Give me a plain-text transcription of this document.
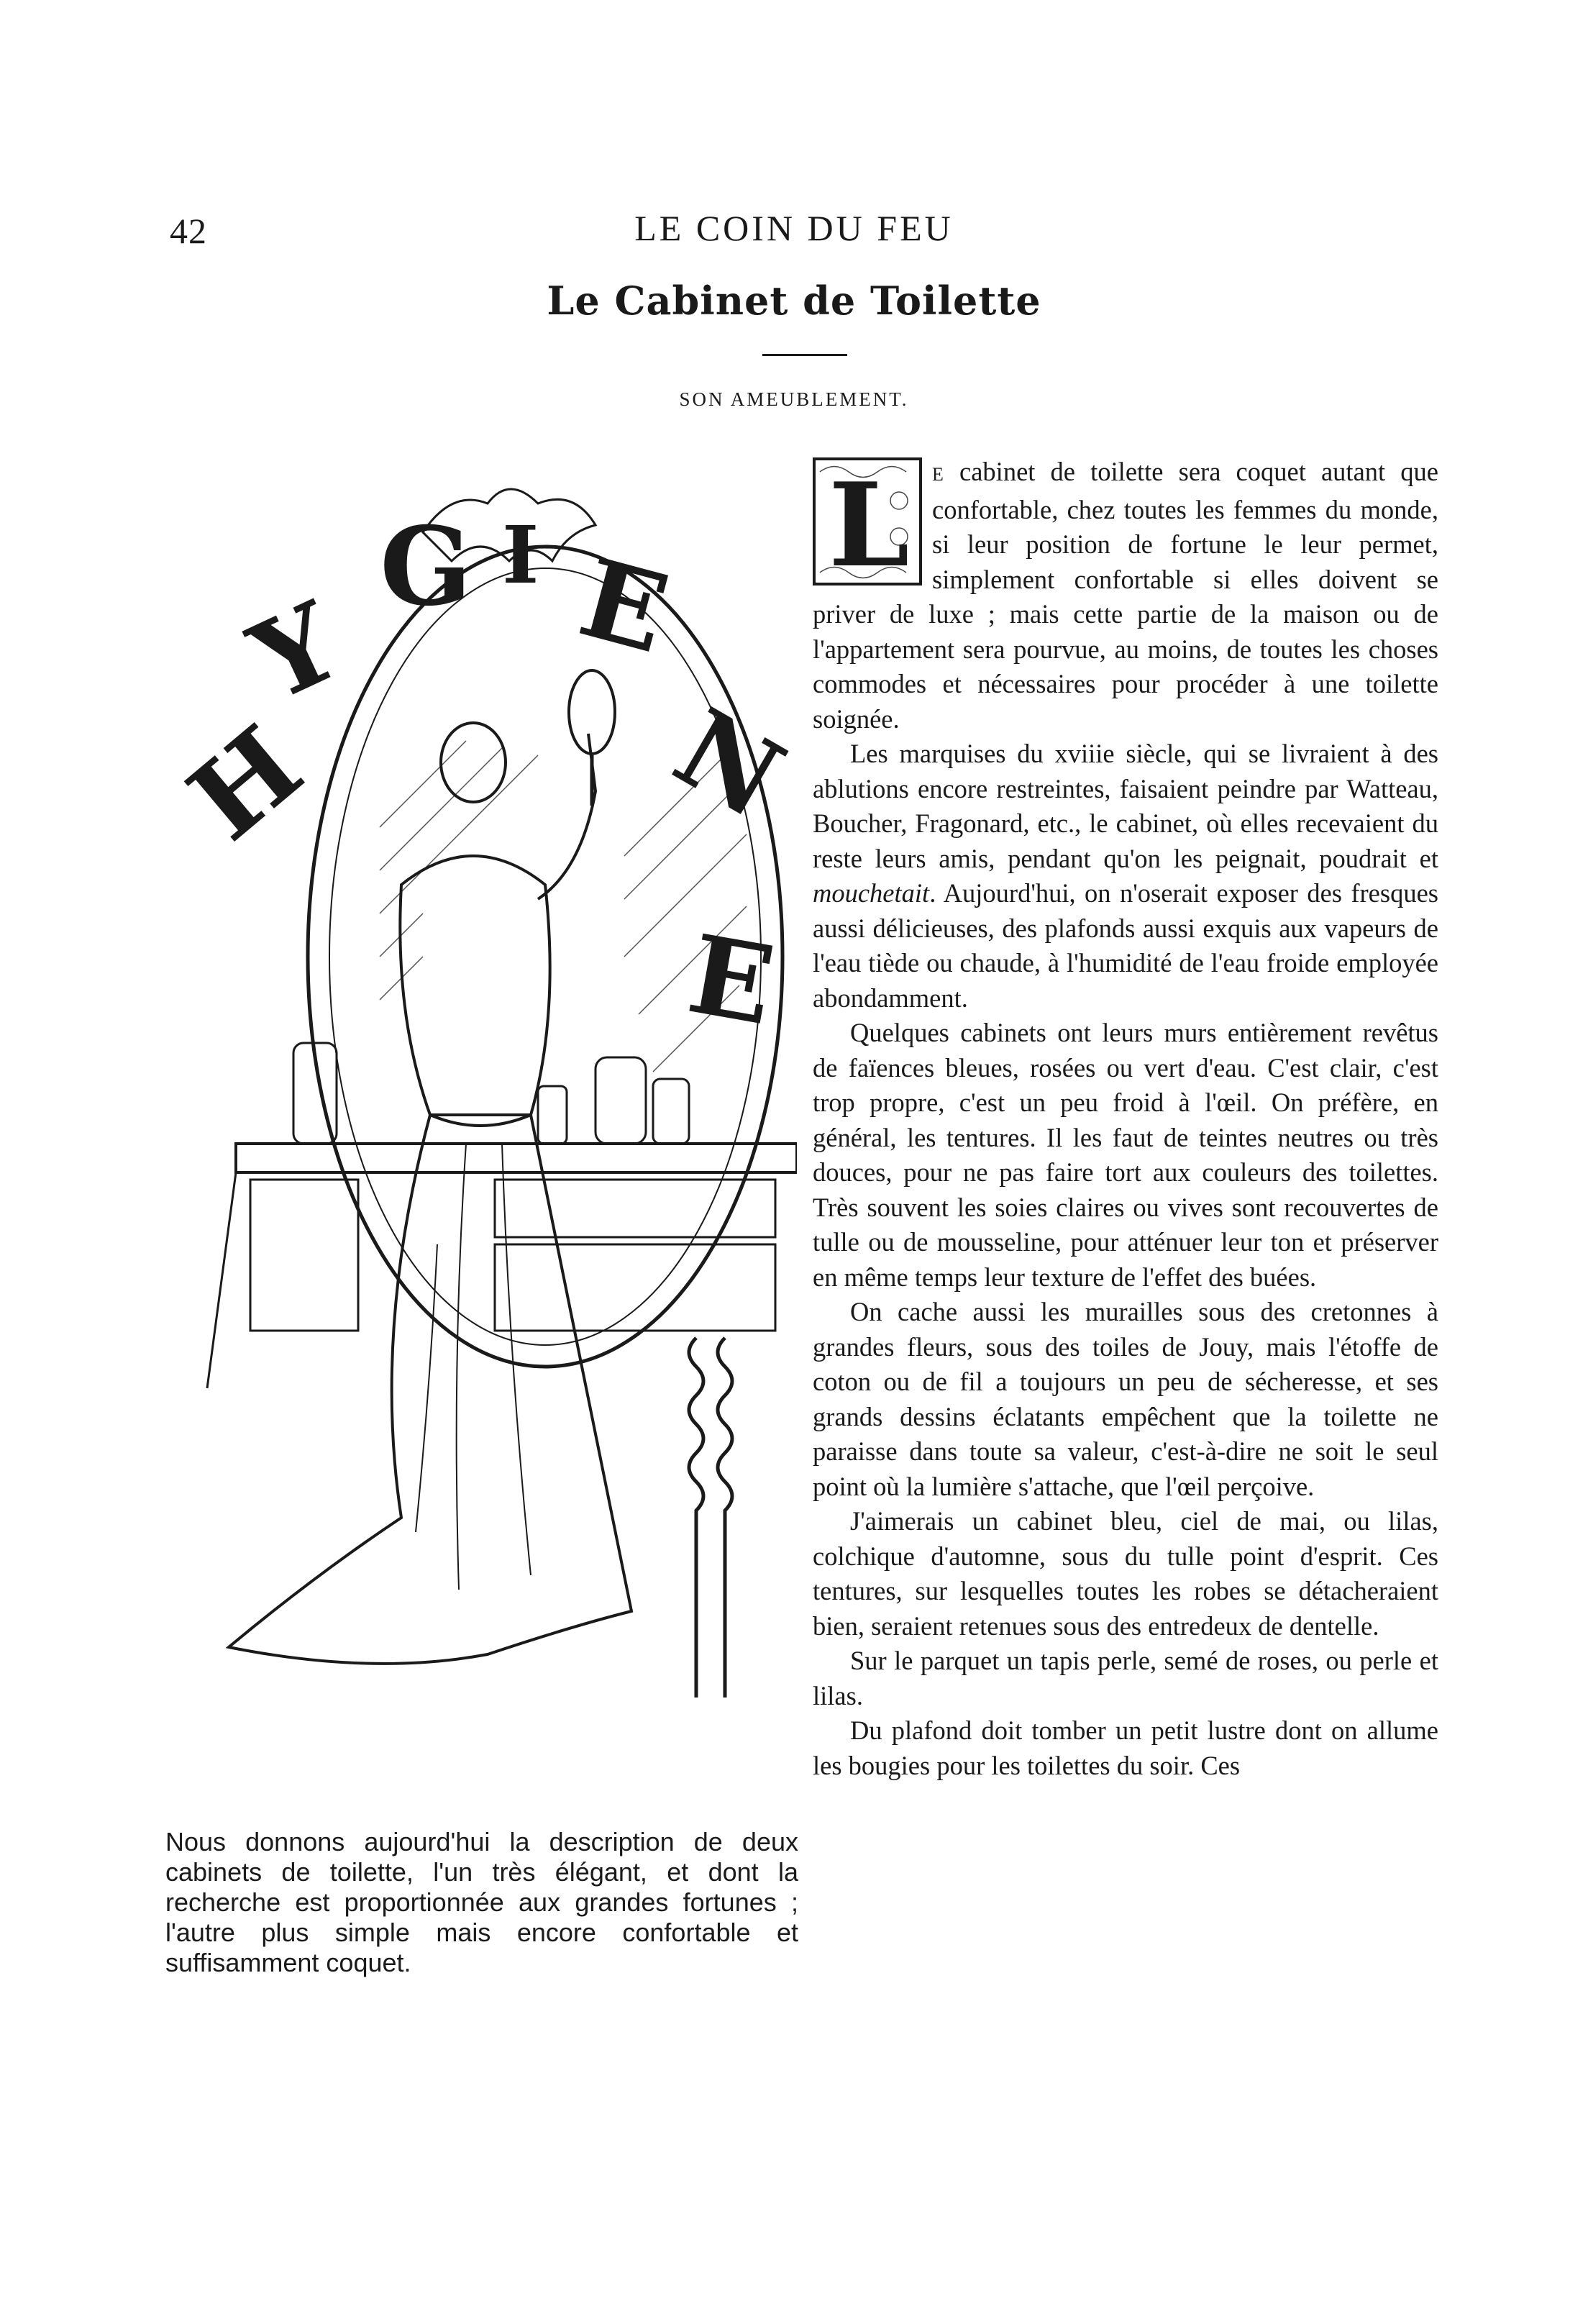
42	LE COIN DU FEU
Le Cabinet de Toilette
SON AMEUBLEMENT.
H
Y
G I E
N
E
Nous donnons aujourd'hui la description de deux cabinets de toilette, l'un très élégant, et dont la recherche est proportionnée aux grandes fortunes ; l'autre plus simple mais encore confortable et suffisamment coquet.

L E cabinet de toilette sera coquet autant que confortable, chez toutes les femmes du monde, si leur position de fortune le leur permet, simplement confortable si elles doivent se priver de luxe ; mais cette partie de la maison ou de l'appartement sera pourvue, au moins, de toutes les choses commodes et nécessaires pour procéder à une toilette soignée.

Les marquises du xviiie siècle, qui se livraient à des ablutions encore restreintes, faisaient peindre par Watteau, Boucher, Fragonard, etc., le cabinet, où elles recevaient du reste leurs amis, pendant qu'on les peignait, poudrait et mouchetait. Aujourd'hui, on n'oserait exposer des fresques aussi délicieuses, des plafonds aussi exquis aux vapeurs de l'eau tiède ou chaude, à l'humidité de l'eau froide employée abondamment.

Quelques cabinets ont leurs murs entièrement revêtus de faïences bleues, rosées ou vert d'eau. C'est clair, c'est trop propre, c'est un peu froid à l'œil. On préfère, en général, les tentures. Il les faut de teintes neutres ou très douces, pour ne pas faire tort aux couleurs des toilettes. Très souvent les soies claires ou vives sont recouvertes de tulle ou de mousseline, pour atténuer leur ton et préserver en même temps leur texture de l'effet des buées.

On cache aussi les murailles sous des cretonnes à grandes fleurs, sous des toiles de Jouy, mais l'étoffe de coton ou de fil a toujours un peu de sécheresse, et ses grands dessins éclatants empêchent que la toilette ne paraisse dans toute sa valeur, c'est-à-dire ne soit le seul point où la lumière s'attache, que l'œil perçoive.

J'aimerais un cabinet bleu, ciel de mai, ou lilas, colchique d'automne, sous du tulle point d'esprit. Ces tentures, sur lesquelles toutes les robes se détacheraient bien, seraient retenues sous des entredeux de dentelle.

Sur le parquet un tapis perle, semé de roses, ou perle et lilas.

Du plafond doit tomber un petit lustre dont on allume les bougies pour les toilettes du soir. Ces
